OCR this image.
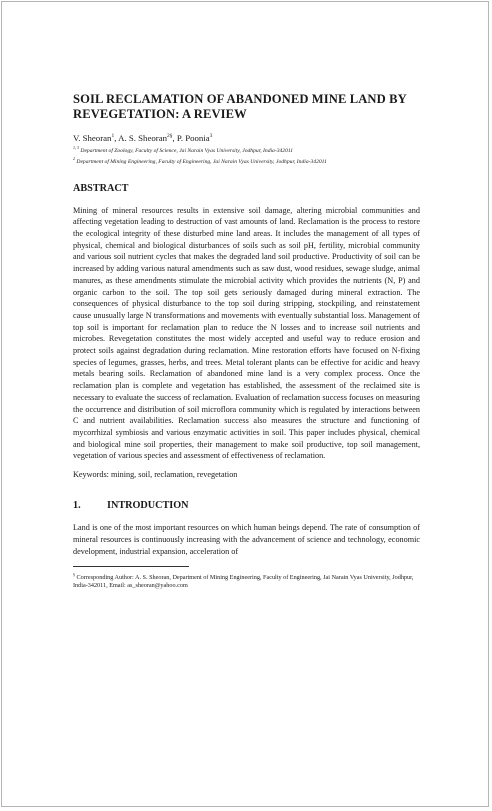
SOIL RECLAMATION OF ABANDONED MINE LAND BY REVEGETATION: A REVIEW
V. Sheoran$^1$, A. S. Sheoran$^{2\S}$, P. Poonia$^3$
$^{1, 3}$ Department of Zoology, Faculty of Science, Jai Narain Vyas University, Jodhpur, India-342011
$^2$ Department of Mining Engineering, Faculty of Engineering, Jai Narain Vyas University, Jodhpur, India-342011
ABSTRACT

Mining of mineral resources results in extensive soil damage, altering microbial communities and affecting vegetation leading to destruction of vast amounts of land. Reclamation is the process to restore the ecological integrity of these disturbed mine land areas. It includes the management of all types of physical, chemical and biological disturbances of soils such as soil pH, fertility, microbial community and various soil nutrient cycles that makes the degraded land soil productive. Productivity of soil can be increased by adding various natural amendments such as saw dust, wood residues, sewage sludge, animal manures, as these amendments stimulate the microbial activity which provides the nutrients (N, P) and organic carbon to the soil. The top soil gets seriously damaged during mineral extraction. The consequences of physical disturbance to the top soil during stripping, stockpiling, and reinstatement cause unusually large N transformations and movements with eventually substantial loss. Management of top soil is important for reclamation plan to reduce the N losses and to increase soil nutrients and microbes. Revegetation constitutes the most widely accepted and useful way to reduce erosion and protect soils against degradation during reclamation. Mine restoration efforts have focused on N-fixing species of legumes, grasses, herbs, and trees. Metal tolerant plants can be effective for acidic and heavy metals bearing soils. Reclamation of abandoned mine land is a very complex process. Once the reclamation plan is complete and vegetation has established, the assessment of the reclaimed site is necessary to evaluate the success of reclamation. Evaluation of reclamation success focuses on measuring the occurrence and distribution of soil microflora community which is regulated by interactions between C and nutrient availabilities. Reclamation success also measures the structure and functioning of mycorrhizal symbiosis and various enzymatic activities in soil. This paper includes physical, chemical and biological mine soil properties, their management to make soil productive, top soil management, vegetation of various species and assessment of effectiveness of reclamation.

Keywords: mining, soil, reclamation, revegetation
1.	INTRODUCTION

Land is one of the most important resources on which human beings depend. The rate of consumption of mineral resources is continuously increasing with the advancement of science and technology, economic development, industrial expansion, acceleration of

§ Corresponding Author: A. S. Sheoran, Department of Mining Engineering, Faculty of Engineering, Jai Narain Vyas University, Jodhpur, India-342011, Email: as_sheoran@yahoo.com
